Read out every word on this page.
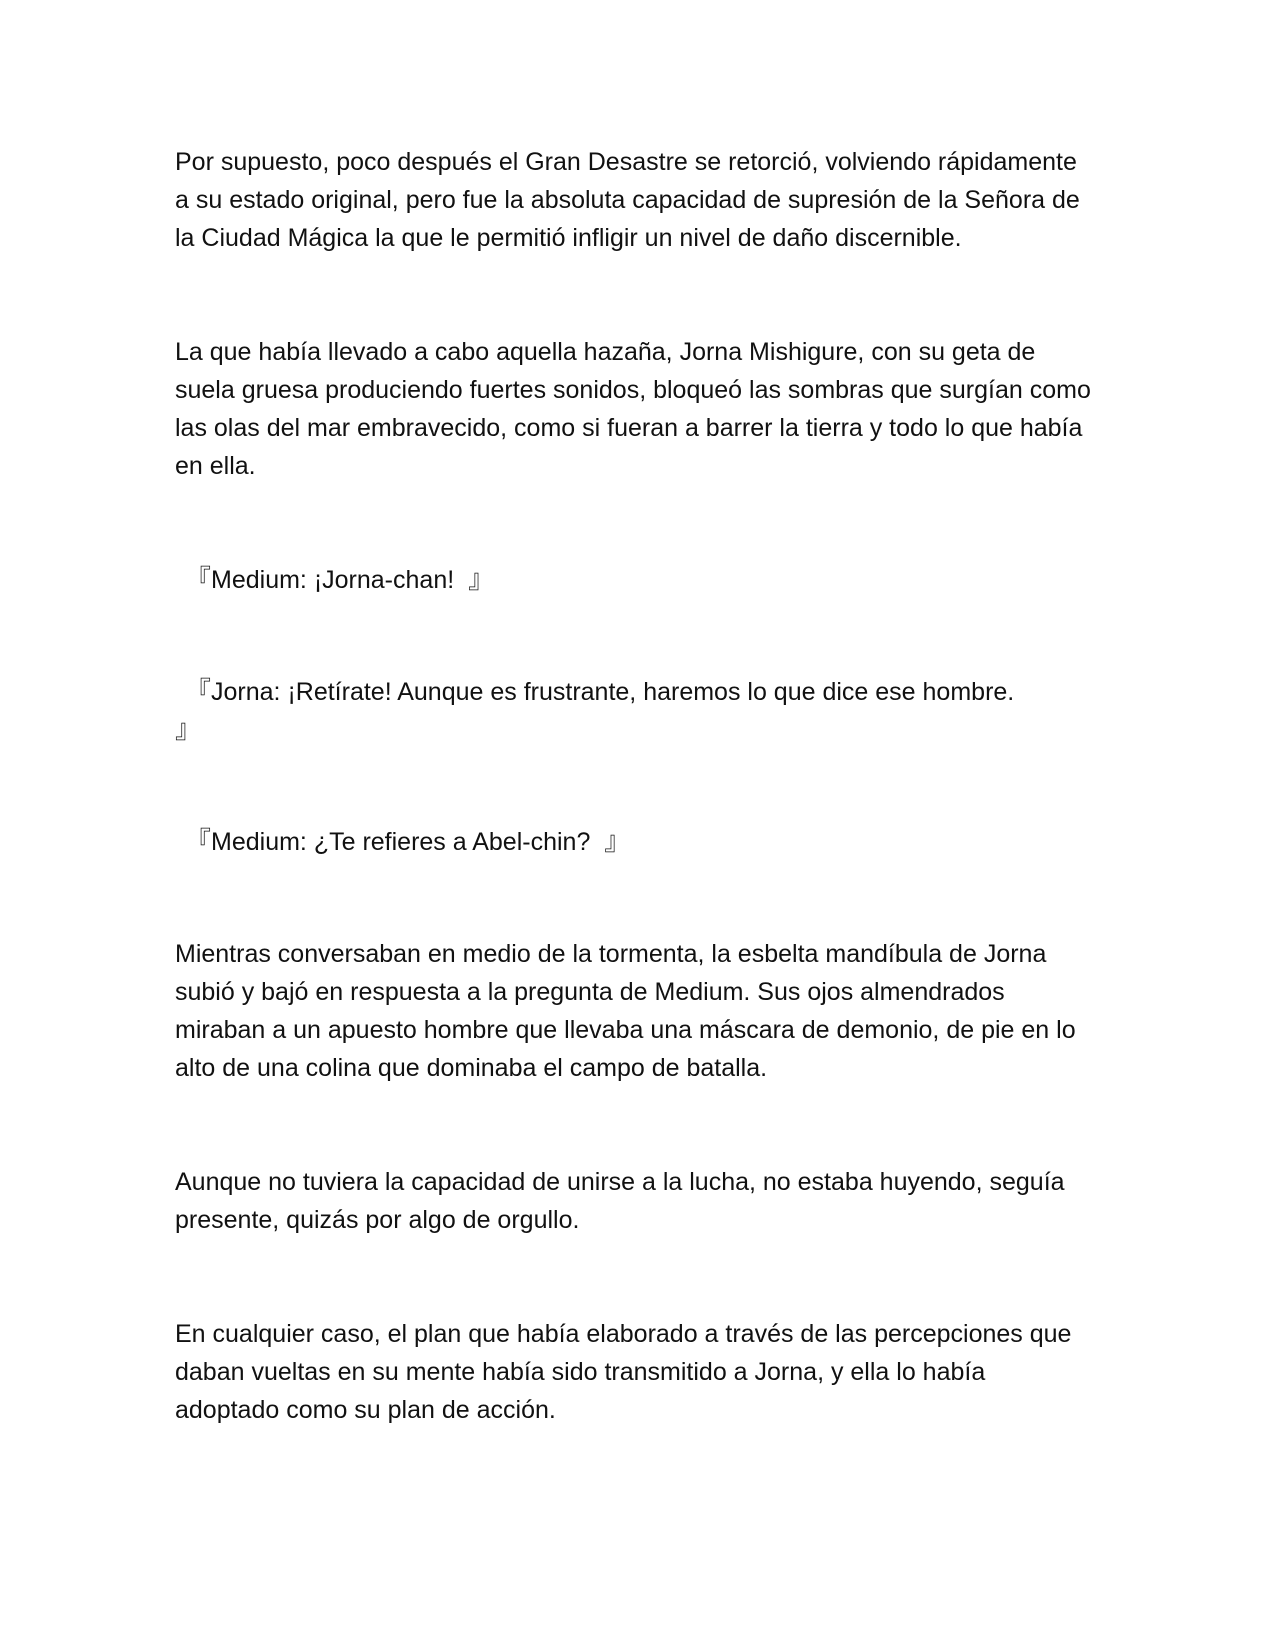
Por supuesto, poco después el Gran Desastre se retorció, volviendo rápidamente a su estado original, pero fue la absoluta capacidad de supresión de la Señora de la Ciudad Mágica la que le permitió infligir un nivel de daño discernible.

La que había llevado a cabo aquella hazaña, Jorna Mishigure, con su geta de suela gruesa produciendo fuertes sonidos, bloqueó las sombras que surgían como las olas del mar embravecido, como si fueran a barrer la tierra y todo lo que había en ella.

『Medium: ¡Jorna-chan! 』

『Jorna: ¡Retírate! Aunque es frustrante, haremos lo que dice ese hombre.
』

『Medium: ¿Te refieres a Abel-chin? 』

Mientras conversaban en medio de la tormenta, la esbelta mandíbula de Jorna subió y bajó en respuesta a la pregunta de Medium. Sus ojos almendrados miraban a un apuesto hombre que llevaba una máscara de demonio, de pie en lo alto de una colina que dominaba el campo de batalla.

Aunque no tuviera la capacidad de unirse a la lucha, no estaba huyendo, seguía presente, quizás por algo de orgullo.

En cualquier caso, el plan que había elaborado a través de las percepciones que daban vueltas en su mente había sido transmitido a Jorna, y ella lo había adoptado como su plan de acción.
